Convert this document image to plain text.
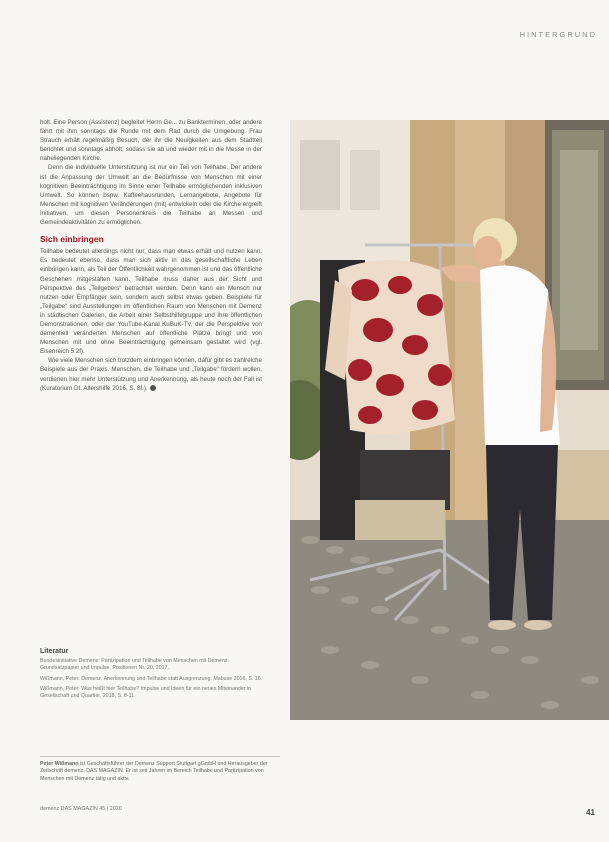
HINTERGRUND

holt. Eine Person (Assistenz) begleitet Herrn Ge... zu Bankterminen, oder andere fährt mit ihm sonntags die Runde mit dem Rad durch die Umgebung. Frau Strauch erhält regelmäßig Besuch, der ihr die Neuigkeiten aus dem Stadtteil berichtet und sonntags abholt, sodass sie ab und wieder mit in die Messe in der naheliegenden Kirche.

Denn die individuelle Unterstützung ist nur ein Teil von Teilhabe. Der andere ist die Anpassung der Umwelt an die Bedürfnisse von Menschen mit einer kognitiven Beeinträchtigung im Sinne einer Teilhabe ermöglichenden inklusiven Umwelt. So können bspw. Kaffeehausrunden, Lernangebote, Angebote für Menschen mit kognitiven Veränderungen (mit) entwickeln oder die Kirche ergreift Initiativen, um diesen Personenkreis die Teilhabe an Messen und Gemeindeaktivitäten zu ermöglichen.

Sich einbringen

Teilhabe bedeutet allerdings nicht nur, dass man etwas erhält und nutzen kann. Es bedeutet ebenso, dass man sich aktiv in das gesellschaftliche Leben einbringen kann, als Teil der Öffentlichkeit wahrgenommen ist und das öffentliche Geschehen mitgestalten kann. Teilhabe muss daher aus der Sicht und Perspektive des „Teilgebers“ betrachtet werden. Denn kann ein Mensch nur nutzen oder Empfänger sein, sondern auch selbst etwas geben. Beispiele für „Teilgabe“ sind Ausstellungen im öffentlichen Raum von Menschen mit Demenz in städtischen Galerien, die Arbeit einer Selbsthilfegruppe und Ihre öffentlichen Demonstrationen, oder der YouTube-Kanal KuBuK-TV, der die Perspektive von dementiell veränderten Menschen auf öffentliche Plätze bringt und von Menschen mit und ohne Beeinträchtigung gemeinsam gestaltet wird (vgl. Eisenreich 5 2f).

Wie viele Menschen sich trotzdem einbringen können, dafür gibt es zahlreiche Beispiele aus der Praxis. Menschen, die Teilhabe und „Teilgabe“ fördern wollen, verdienen hier mehr Unterstützung und Anerkennung, als heute noch der Fall ist (Kuratorium Dt. Altershilfe 2016, S. 8f.).

Literatur

Bundesinitiative Demenz: Partizipation und Teilhabe von Menschen mit Demenz. Grundsatzpapier und Impulse. Positionen Nr. 20, 2017.

Wißmann, Peter: Demenz. Anerkennung und Teilhabe statt Ausgrenzung. Mabuse 2016, S. 16.

Wißmann, Peter: Was heißt hier Teilhabe? Impulse und Ideen für ein neues Miteinander in Gesellschaft und Quartier. 2018, S. 8-11.

Peter Wißmann ist Geschäftsführer der Demenz Support Stuttgart gGmbH und Herausgeber der Zeitschrift demenz. DAS MAGAZIN. Er ist seit Jahren im Bereich Teilhabe und Partizipation von Menschen mit Demenz tätig und aktiv.
demenz DAS MAGAZIN 45 | 2020	41
